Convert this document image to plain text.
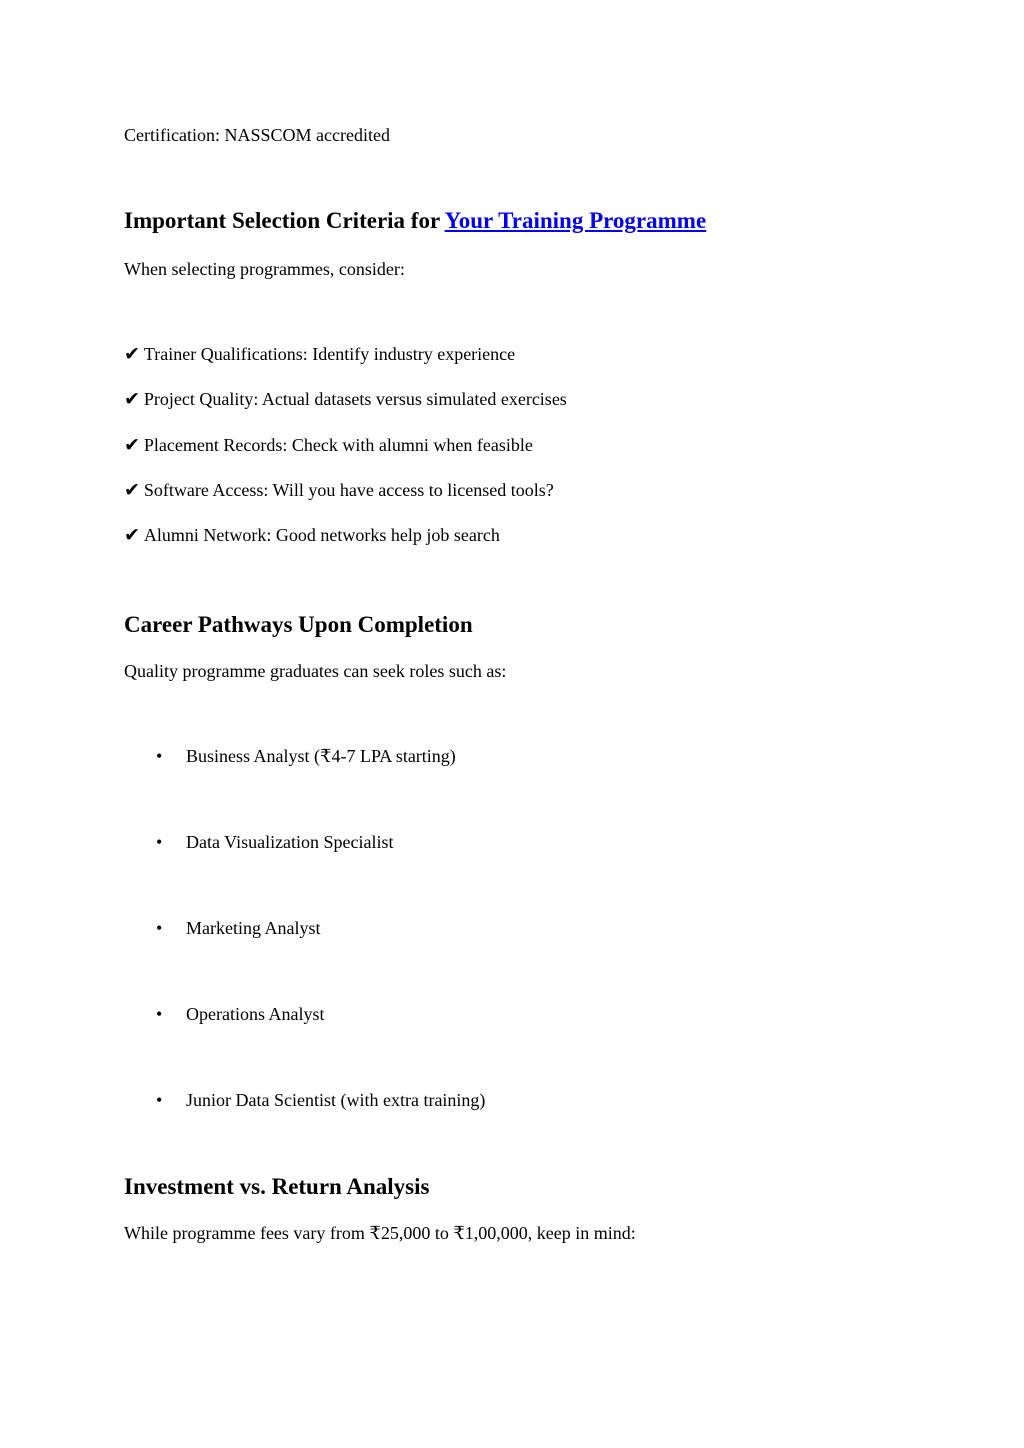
Certification: NASSCOM accredited

Important Selection Criteria for Your Training Programme

When selecting programmes, consider:

✔ Trainer Qualifications: Identify industry experience
✔ Project Quality: Actual datasets versus simulated exercises
✔ Placement Records: Check with alumni when feasible
✔ Software Access: Will you have access to licensed tools?
✔ Alumni Network: Good networks help job search
Career Pathways Upon Completion

Quality programme graduates can seek roles such as:

• Business Analyst (₹4-7 LPA starting)
• Data Visualization Specialist
• Marketing Analyst
• Operations Analyst
• Junior Data Scientist (with extra training)
Investment vs. Return Analysis

While programme fees vary from ₹25,000 to ₹1,00,000, keep in mind:
